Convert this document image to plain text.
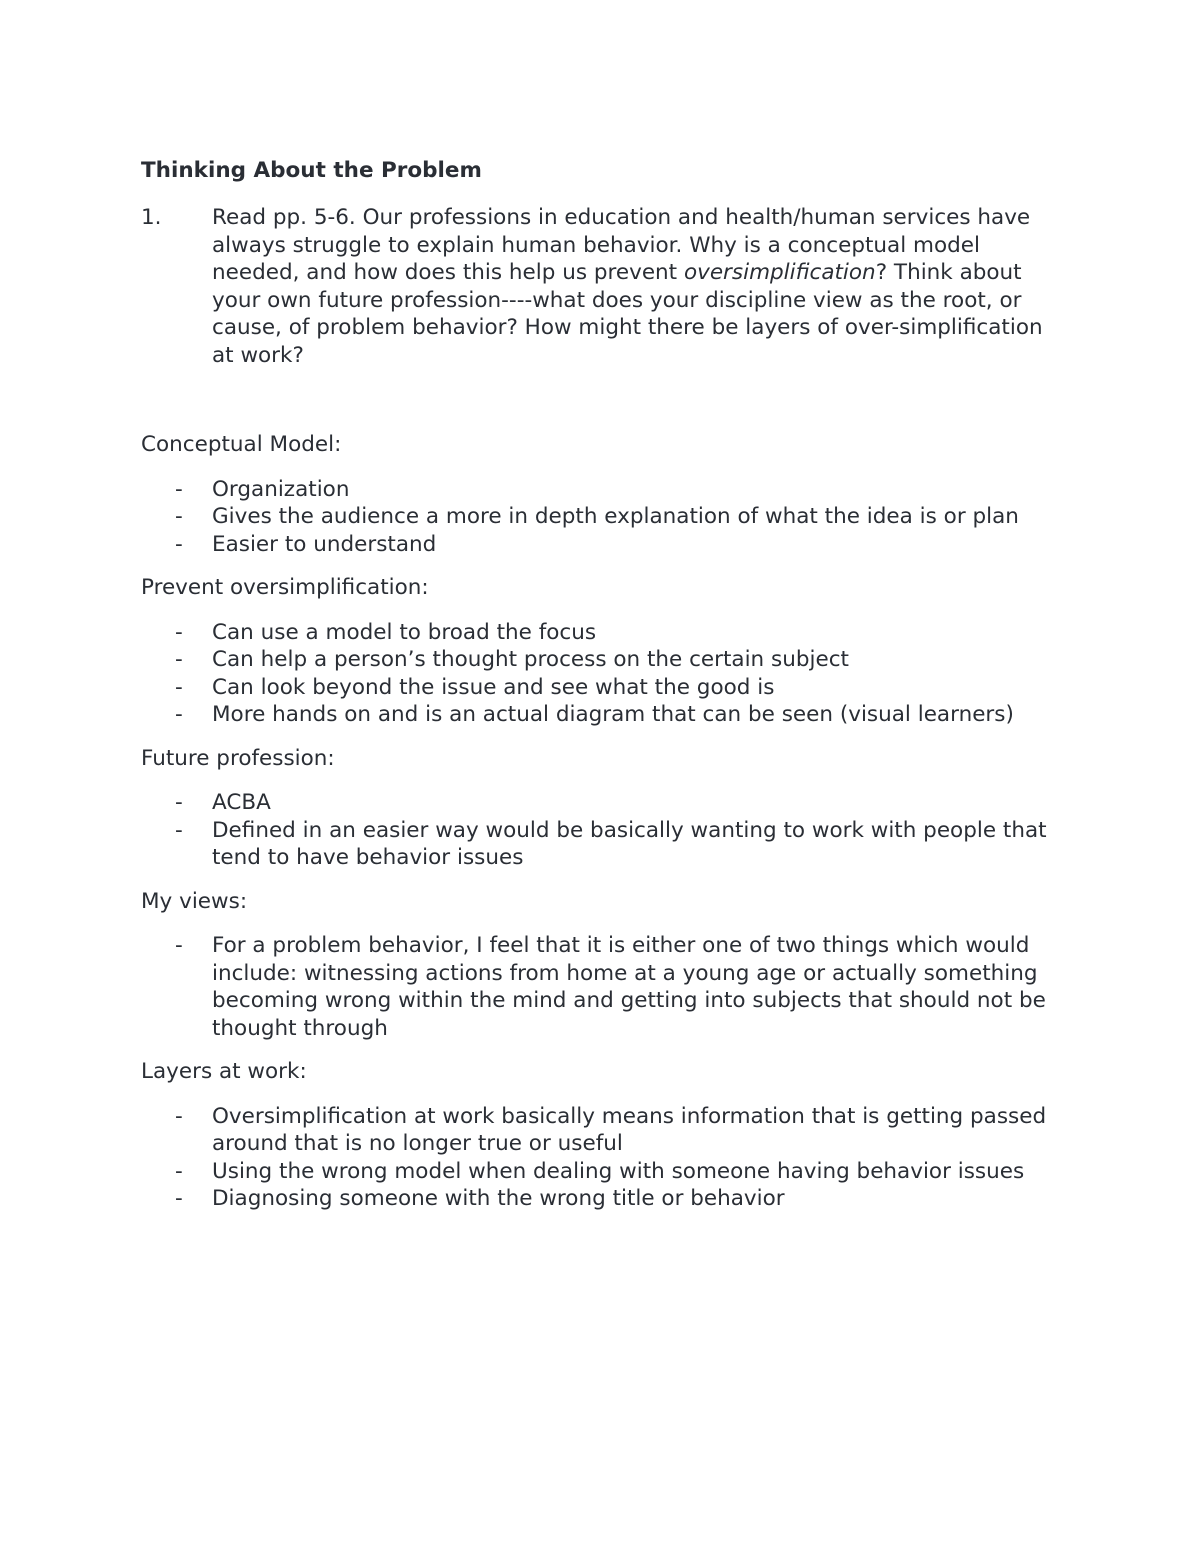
Thinking About the Problem
1.	Read pp. 5-6. Our professions in education and health/human services have always struggle to explain human behavior. Why is a conceptual model needed, and how does this help us prevent oversimplification? Think about your own future profession----what does your discipline view as the root, or cause, of problem behavior? How might there be layers of over-simplification at work?
Conceptual Model:
-	Organization
-	Gives the audience a more in depth explanation of what the idea is or plan
-	Easier to understand
Prevent oversimplification:
-	Can use a model to broad the focus
-	Can help a person’s thought process on the certain subject
-	Can look beyond the issue and see what the good is
-	More hands on and is an actual diagram that can be seen (visual learners)
Future profession:
-	ACBA
-	Defined in an easier way would be basically wanting to work with people that tend to have behavior issues
My views:
-	For a problem behavior, I feel that it is either one of two things which would include: witnessing actions from home at a young age or actually something becoming wrong within the mind and getting into subjects that should not be thought through
Layers at work:
-	Oversimplification at work basically means information that is getting passed around that is no longer true or useful
-	Using the wrong model when dealing with someone having behavior issues
-	Diagnosing someone with the wrong title or behavior
